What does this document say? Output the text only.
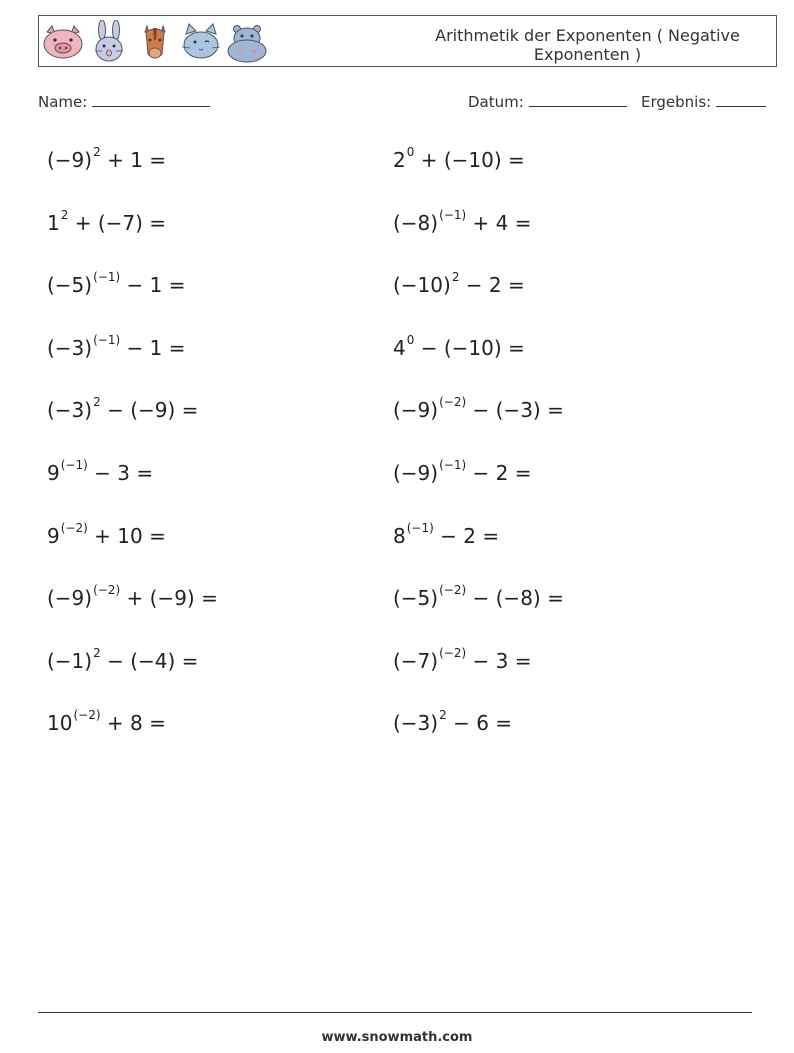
Arithmetik der Exponenten ( Negative Exponenten )
Name:	Datum:	Ergebnis:
$(-9)^2 + 1$ =
$1^2 + (-7)$ =
$(-5)^{(-1)} - 1$ =
$(-3)^{(-1)} - 1$ =
$(-3)^2 - (-9)$ =
$9^{(-1)} - 3$ =
$9^{(-2)} + 10$ =
$(-9)^{(-2)} + (-9)$ =
$(-1)^2 - (-4)$ =
$10^{(-2)} + 8$ =
$2^0 + (-10)$ =
$(-8)^{(-1)} + 4$ =
$(-10)^2 - 2$ =
$4^0 - (-10)$ =
$(-9)^{(-2)} - (-3)$ =
$(-9)^{(-1)} - 2$ =
$8^{(-1)} - 2$ =
$(-5)^{(-2)} - (-8)$ =
$(-7)^{(-2)} - 3$ =
$(-3)^2 - 6$ =
www.snowmath.com
